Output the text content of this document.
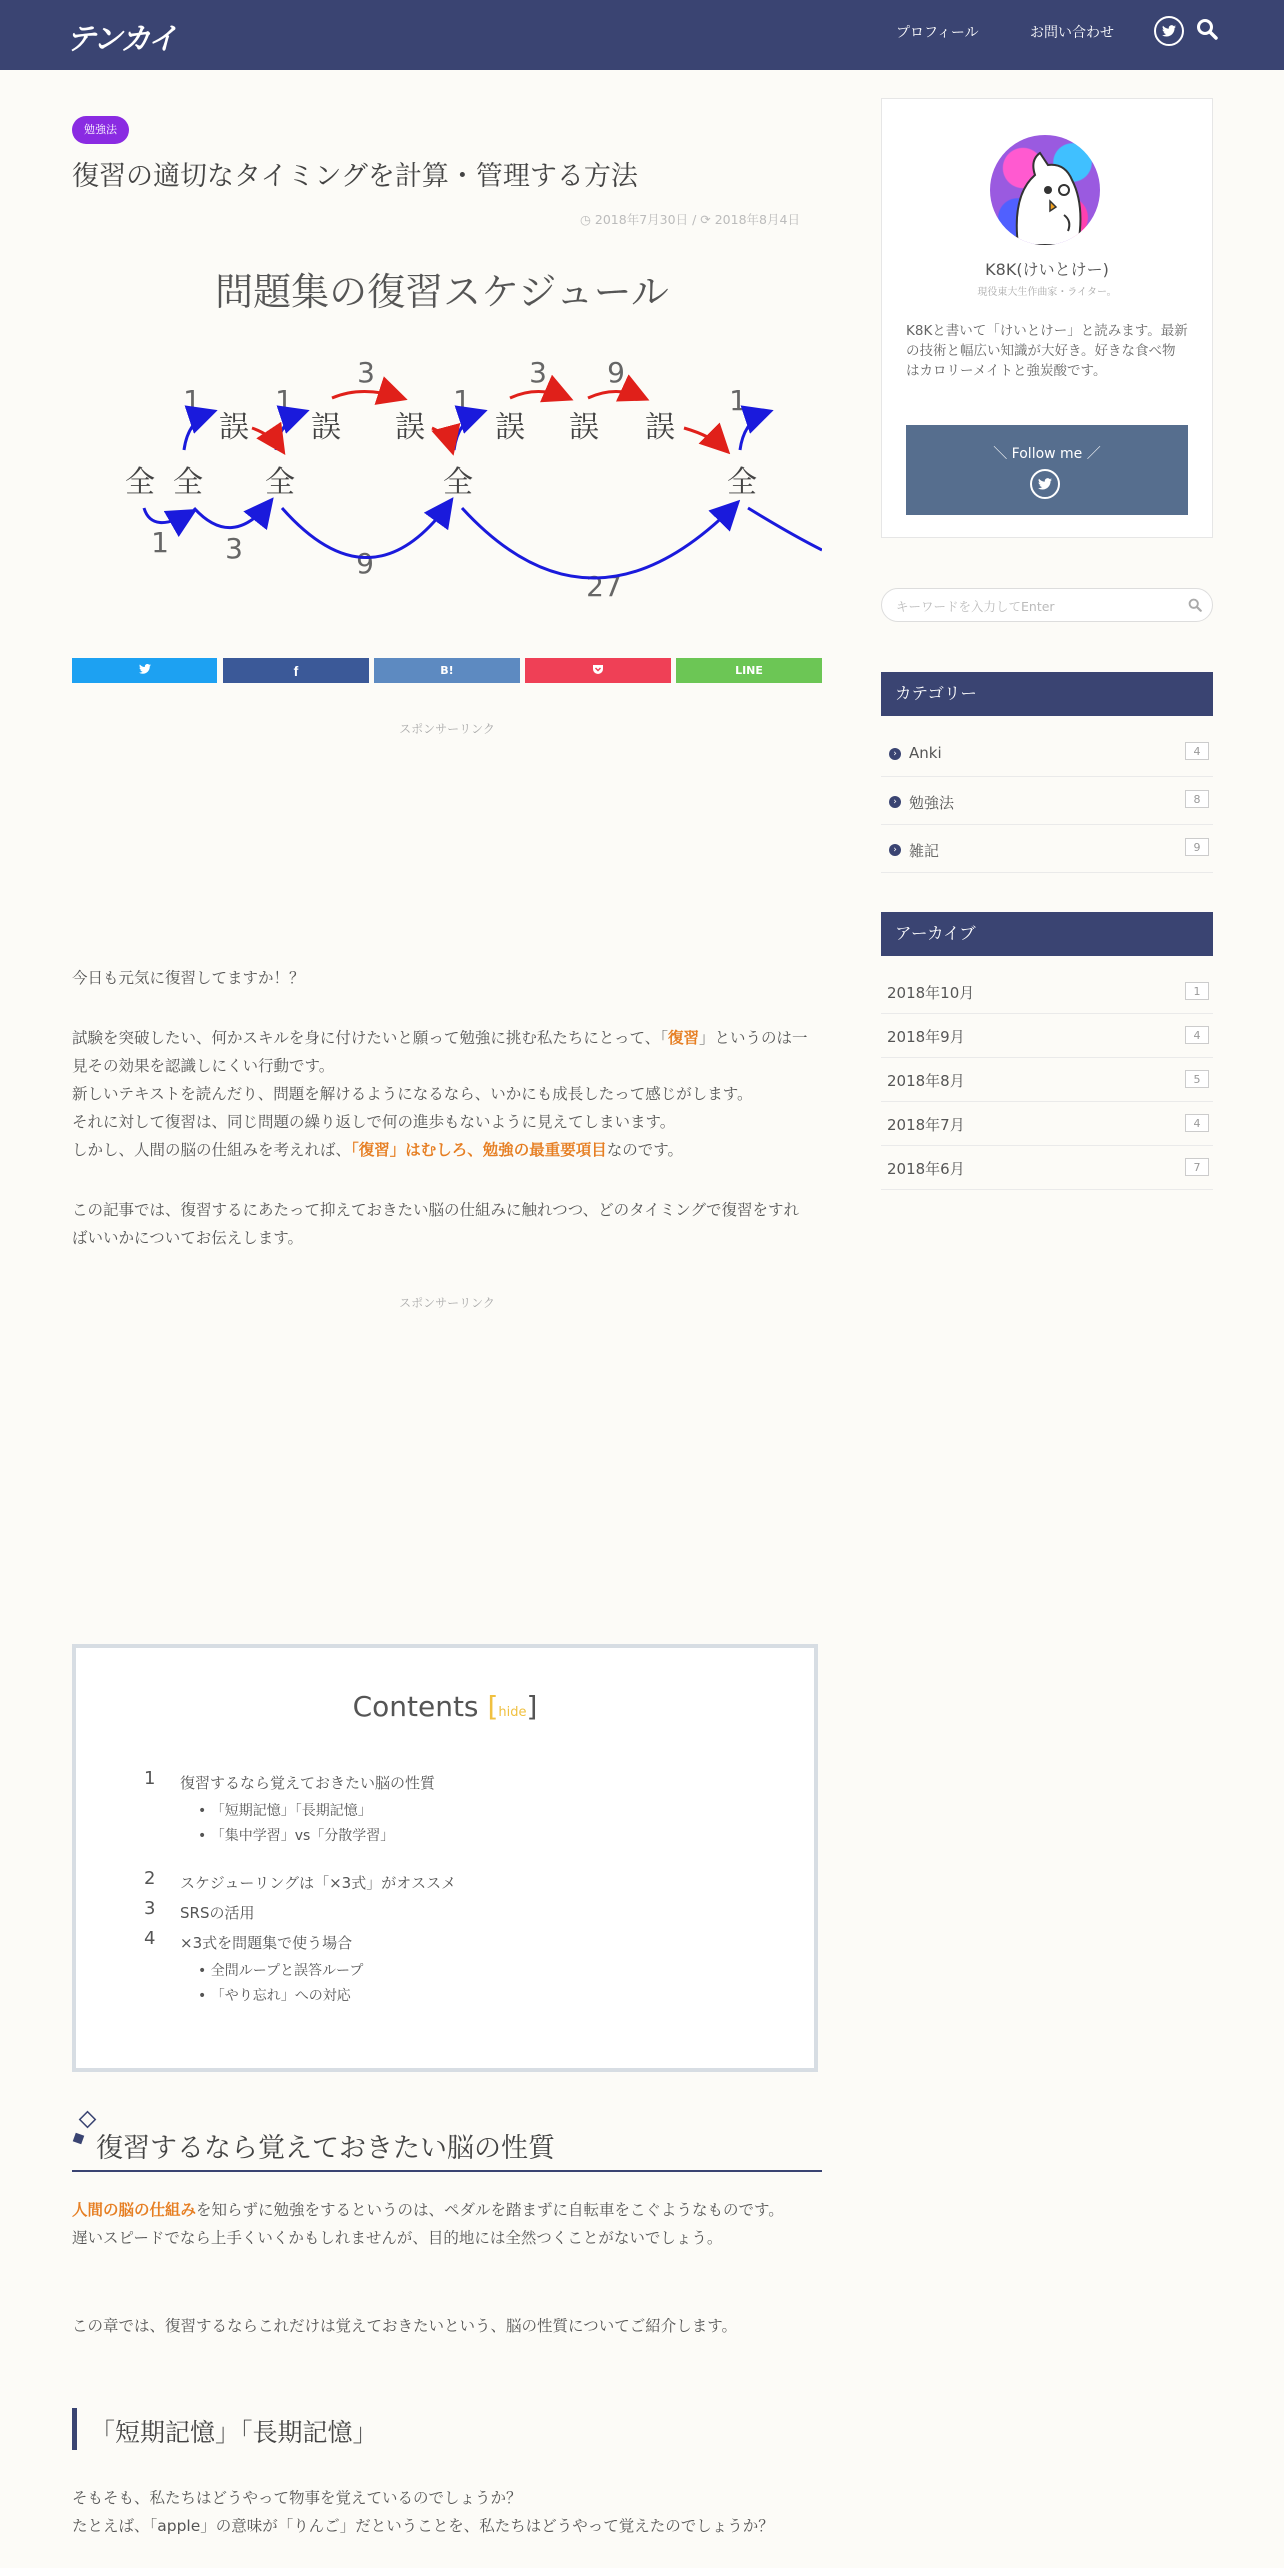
テンカイ	プロフィール	お問い合わせ
勉強法
復習の適切なタイミングを計算・管理する方法
◷ 2018年7月30日 / ⟳ 2018年8月4日
問題集の復習スケジュール
全 全 全	全	全
誤 誤 誤 誤 誤 誤
1	1
3
1
3 9
1
1 3	9
27
f	B!	LINE
スポンサーリンク
今日も元気に復習してますか！？
試験を突破したい、何かスキルを身に付けたいと願って勉強に挑む私たちにとって、「復習」というのは一見その効果を認識しにくい行動です。
新しいテキストを読んだり、問題を解けるようになるなら、いかにも成長したって感じがします。
それに対して復習は、同じ問題の繰り返しで何の進歩もないように見えてしまいます。
しかし、人間の脳の仕組みを考えれば、「復習」はむしろ、勉強の最重要項目なのです。
この記事では、復習するにあたって抑えておきたい脳の仕組みに触れつつ、どのタイミングで復習をすればいいかについてお伝えします。
スポンサーリンク
Contents [hide]
1 復習するなら覚えておきたい脳の性質
• 「短期記憶」「長期記憶」
• 「集中学習」vs「分散学習」
2 スケジューリングは「×3式」がオススメ
3 SRSの活用
4 ×3式を問題集で使う場合
• 全問ループと誤答ループ
• 「やり忘れ」への対応
復習するなら覚えておきたい脳の性質
人間の脳の仕組みを知らずに勉強をするというのは、ペダルを踏まずに自転車をこぐようなものです。
遅いスピードでなら上手くいくかもしれませんが、目的地には全然つくことがないでしょう。
この章では、復習するならこれだけは覚えておきたいという、脳の性質についてご紹介します。
「短期記憶」「長期記憶」
そもそも、私たちはどうやって物事を覚えているのでしょうか？
たとえば、「apple」の意味が「りんご」だということを、私たちはどうやって覚えたのでしょうか？
K8K(けいとけー)
現役東大生作曲家・ライター。
K8Kと書いて「けいとけー」と読みます。最新の技術と幅広い知識が大好き。好きな食べ物はカロリーメイトと強炭酸です。
＼ Follow me ／
キーワードを入力してEnter
カテゴリー
› Anki	4
› 勉強法	8
› 雑記	9
アーカイブ
2018年10月	1
2018年9月	4
2018年8月	5
2018年7月	4
2018年6月	7
